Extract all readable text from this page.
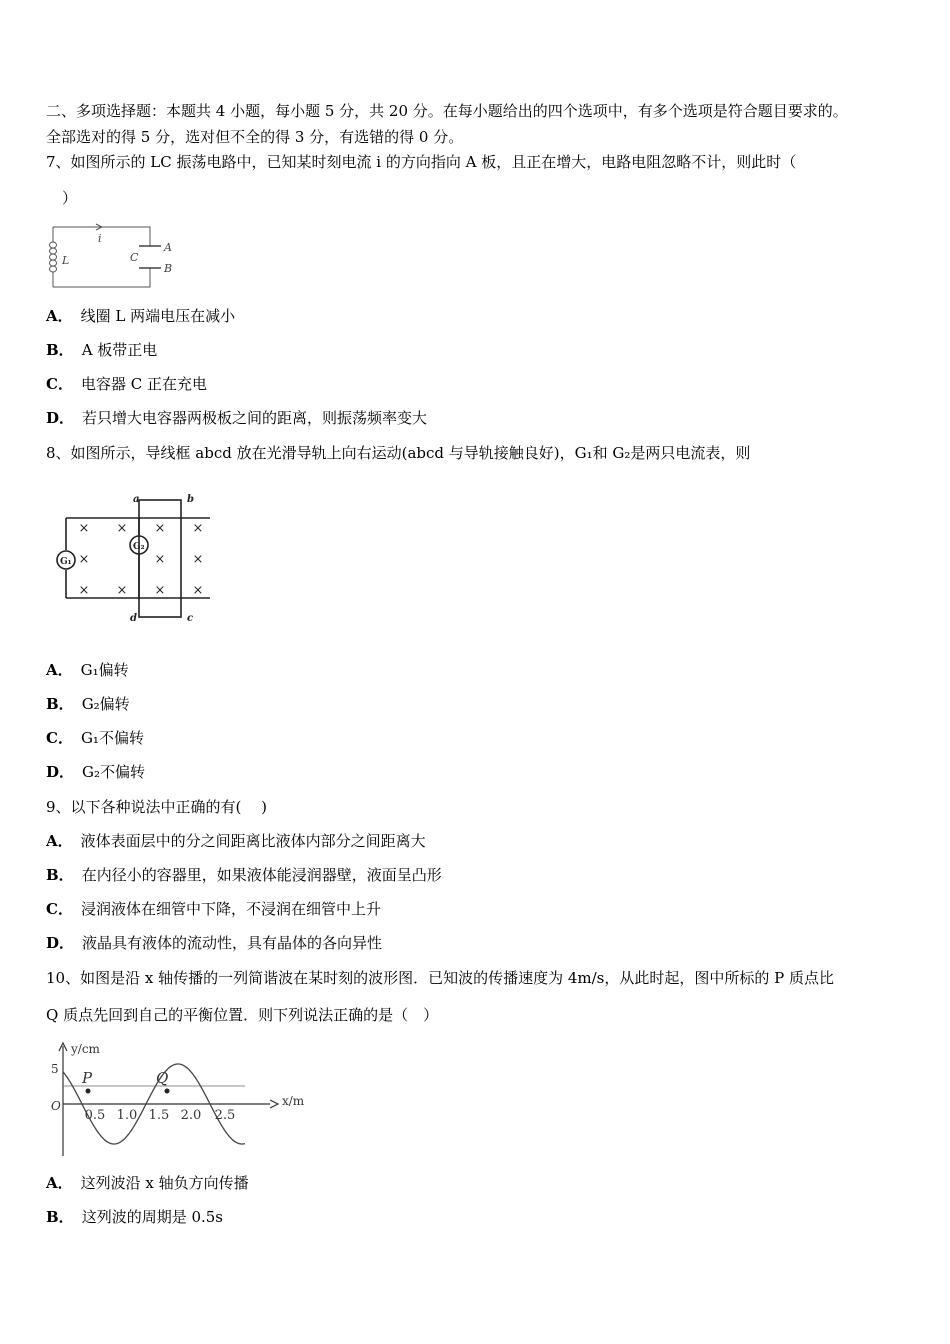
二、多项选择题：本题共 4 小题，每小题 5 分，共 20 分。在每小题给出的四个选项中，有多个选项是符合题目要求的。
全部选对的得 5 分，选对但不全的得 3 分，有选错的得 0 分。
7、如图所示的 LC 振荡电路中，已知某时刻电流 i 的方向指向 A 板，且正在增大，电路电阻忽略不计，则此时（
）
i
L	C
A
B
A． 线圈 L 两端电压在减小
B． A 板带正电
C． 电容器 C 正在充电
D． 若只增大电容器两极板之间的距离，则振荡频率变大
8、如图所示，导线框 abcd 放在光滑导轨上向右运动(abcd 与导轨接触良好)，G₁和 G₂是两只电流表，则
× × × ×
×	× ×
× × × ×
G₁
G₂
a	b
c
d
A． G₁偏转
B． G₂偏转
C． G₁不偏转
D． G₂不偏转
9、以下各种说法中正确的有(　 )
A． 液体表面层中的分之间距离比液体内部分之间距离大
B． 在内径小的容器里，如果液体能浸润器壁，液面呈凸形
C． 浸润液体在细管中下降，不浸润在细管中上升
D． 液晶具有液体的流动性，具有晶体的各向异性
10、如图是沿 x 轴传播的一列简谐波在某时刻的波形图．已知波的传播速度为 4m/s，从此时起，图中所标的 P 质点比
Q 质点先回到自己的平衡位置．则下列说法正确的是（　）
P	Q
y/cm
x/m
5
O
0.5 1.0 1.5 2.0 2.5
A． 这列波沿 x 轴负方向传播
B． 这列波的周期是 0.5s
